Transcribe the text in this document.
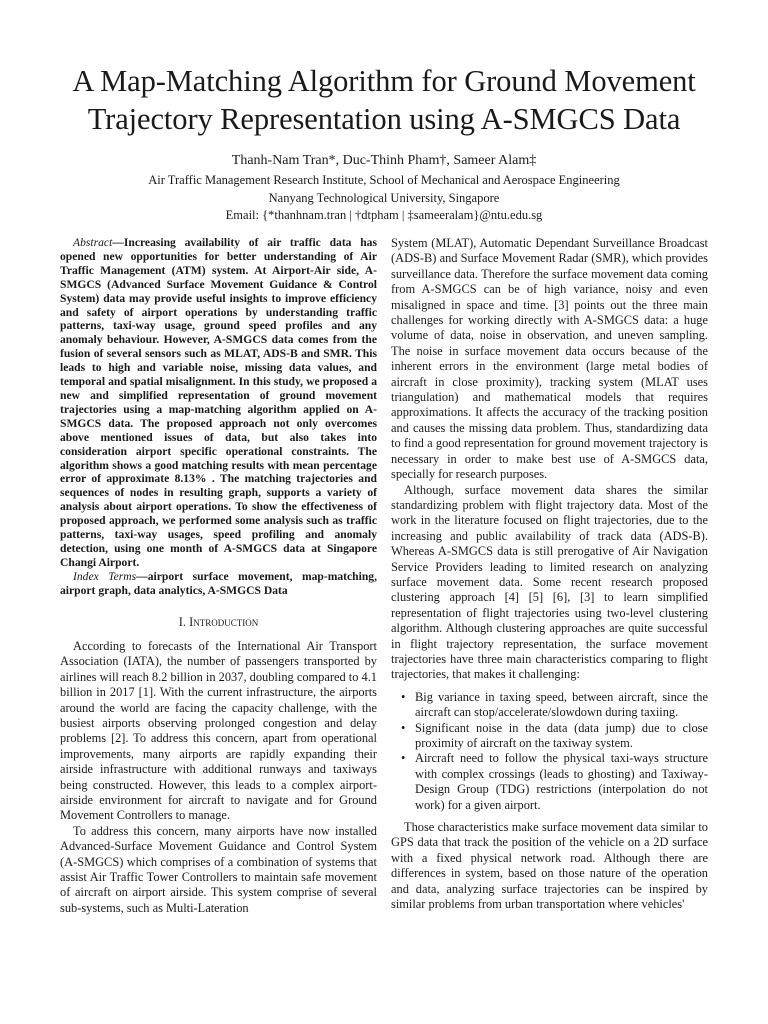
A Map-Matching Algorithm for Ground Movement Trajectory Representation using A-SMGCS Data
Thanh-Nam Tran*, Duc-Thinh Pham†, Sameer Alam‡
Air Traffic Management Research Institute, School of Mechanical and Aerospace Engineering
Nanyang Technological University, Singapore
Email: {*thanhnam.tran | †dtpham | ‡sameeralam}@ntu.edu.sg

Abstract—Increasing availability of air traffic data has opened new opportunities for better understanding of Air Traffic Management (ATM) system. At Airport-Air side, A-SMGCS (Advanced Surface Movement Guidance & Control System) data may provide useful insights to improve efficiency and safety of airport operations by understanding traffic patterns, taxi-way usage, ground speed profiles and any anomaly behaviour. However, A-SMGCS data comes from the fusion of several sensors such as MLAT, ADS-B and SMR. This leads to high and variable noise, missing data values, and temporal and spatial misalignment. In this study, we proposed a new and simplified representation of ground movement trajectories using a map-matching algorithm applied on A-SMGCS data. The proposed approach not only overcomes above mentioned issues of data, but also takes into consideration airport specific operational constraints. The algorithm shows a good matching results with mean percentage error of approximate 8.13% . The matching trajectories and sequences of nodes in resulting graph, supports a variety of analysis about airport operations. To show the effectiveness of proposed approach, we performed some analysis such as traffic patterns, taxi-way usages, speed profiling and anomaly detection, using one month of A-SMGCS data at Singapore Changi Airport.

Index Terms—airport surface movement, map-matching, airport graph, data analytics, A-SMGCS Data

I. Introduction

According to forecasts of the International Air Transport Association (IATA), the number of passengers transported by airlines will reach 8.2 billion in 2037, doubling compared to 4.1 billion in 2017 [1]. With the current infrastructure, the airports around the world are facing the capacity challenge, with the busiest airports observing prolonged congestion and delay problems [2]. To address this concern, apart from operational improvements, many airports are rapidly expanding their airside infrastructure with additional runways and taxiways being constructed. However, this leads to a complex airport-airside environment for aircraft to navigate and for Ground Movement Controllers to manage.

To address this concern, many airports have now installed Advanced-Surface Movement Guidance and Control System (A-SMGCS) which comprises of a combination of systems that assist Air Traffic Tower Controllers to maintain safe movement of aircraft on airport airside. This system comprise of several sub-systems, such as Multi-Lateration

System (MLAT), Automatic Dependant Surveillance Broadcast (ADS-B) and Surface Movement Radar (SMR), which provides surveillance data. Therefore the surface movement data coming from A-SMGCS can be of high variance, noisy and even misaligned in space and time. [3] points out the three main challenges for working directly with A-SMGCS data: a huge volume of data, noise in observation, and uneven sampling. The noise in surface movement data occurs because of the inherent errors in the environment (large metal bodies of aircraft in close proximity), tracking system (MLAT uses triangulation) and mathematical models that requires approximations. It affects the accuracy of the tracking position and causes the missing data problem. Thus, standardizing data to find a good representation for ground movement trajectory is necessary in order to make best use of A-SMGCS data, specially for research purposes.

Although, surface movement data shares the similar standardizing problem with flight trajectory data. Most of the work in the literature focused on flight trajectories, due to the increasing and public availability of track data (ADS-B). Whereas A-SMGCS data is still prerogative of Air Navigation Service Providers leading to limited research on analyzing surface movement data. Some recent research proposed clustering approach [4] [5] [6], [3] to learn simplified representation of flight trajectories using two-level clustering algorithm. Although clustering approaches are quite successful in flight trajectory representation, the surface movement trajectories have three main characteristics comparing to flight trajectories, that makes it challenging:

• Big variance in taxing speed, between aircraft, since the aircraft can stop/accelerate/slowdown during taxiing.
• Significant noise in the data (data jump) due to close proximity of aircraft on the taxiway system.
• Aircraft need to follow the physical taxi-ways structure with complex crossings (leads to ghosting) and Taxiway-Design Group (TDG) restrictions (interpolation do not work) for a given airport.

Those characteristics make surface movement data similar to GPS data that track the position of the vehicle on a 2D surface with a fixed physical network road. Although there are differences in system, based on those nature of the operation and data, analyzing surface trajectories can be inspired by similar problems from urban transportation where vehicles'
